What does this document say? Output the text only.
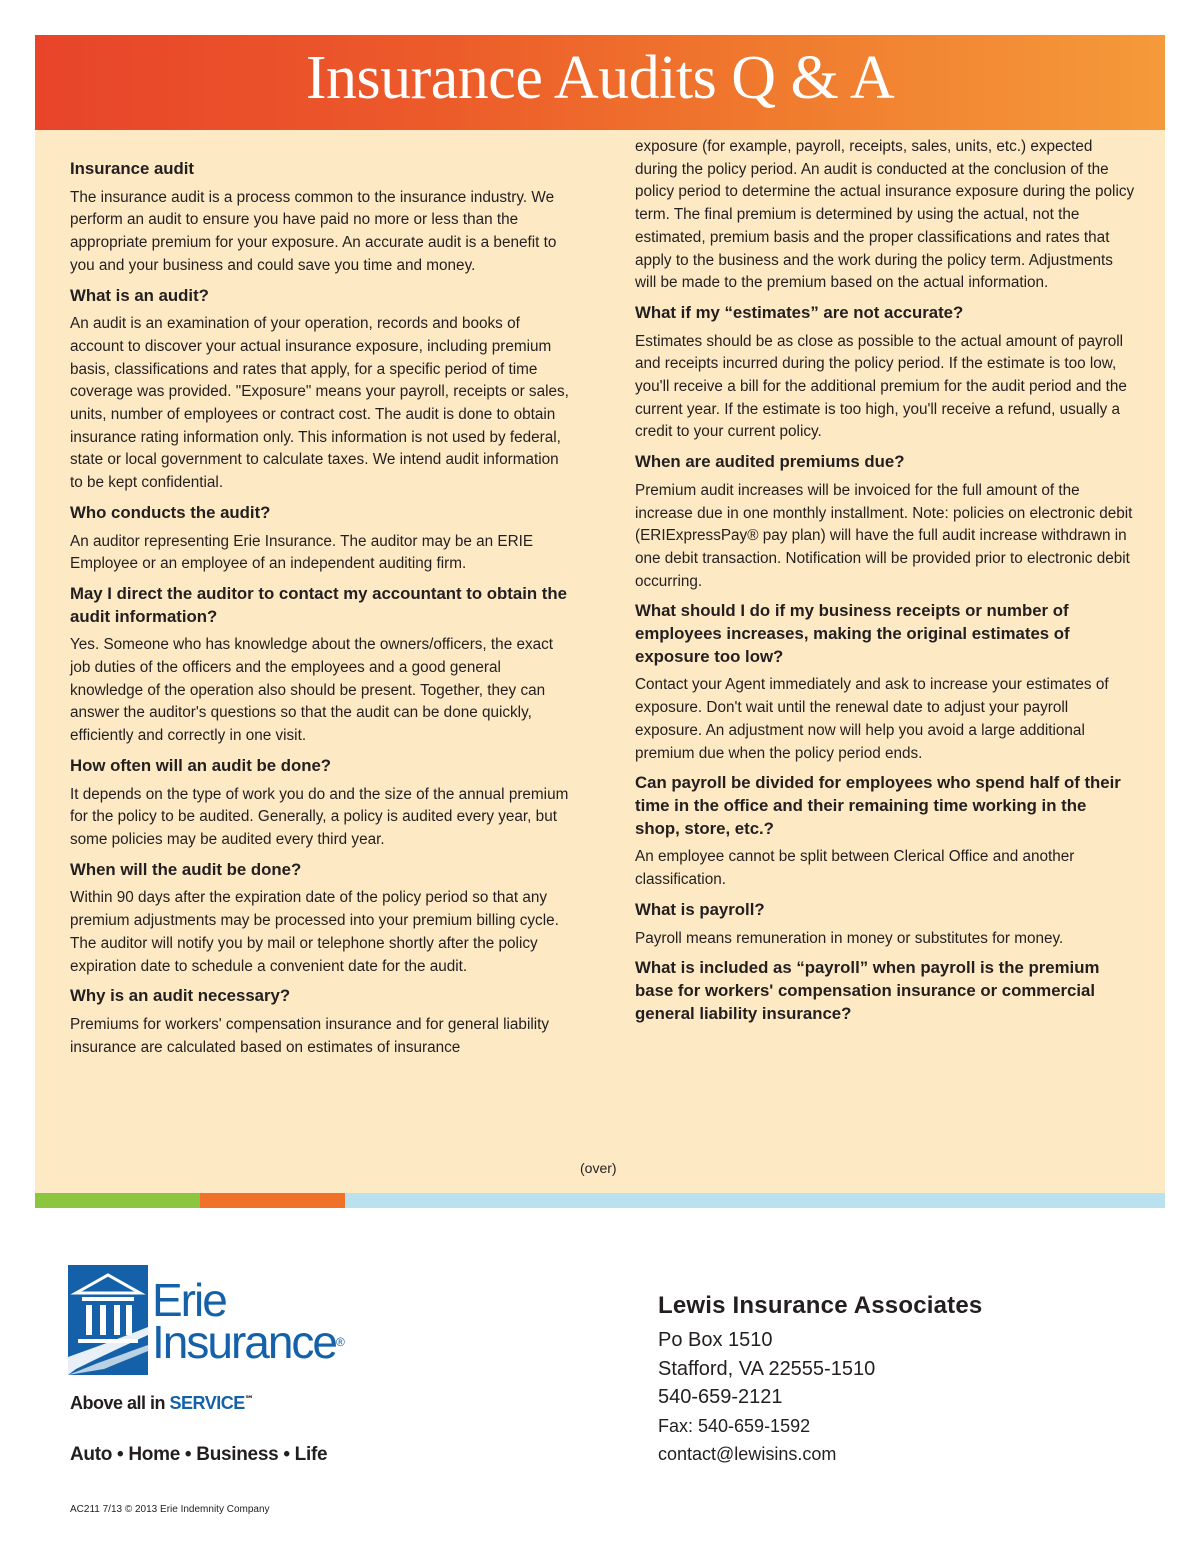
Insurance Audits Q & A
Insurance audit
The insurance audit is a process common to the insurance industry. We perform an audit to ensure you have paid no more or less than the appropriate premium for your exposure. An accurate audit is a benefit to you and your business and could save you time and money.
What is an audit?
An audit is an examination of your operation, records and books of account to discover your actual insurance exposure, including premium basis, classifications and rates that apply, for a specific period of time coverage was provided. "Exposure" means your payroll, receipts or sales, units, number of employees or contract cost. The audit is done to obtain insurance rating information only. This information is not used by federal, state or local government to calculate taxes. We intend audit information to be kept confidential.
Who conducts the audit?
An auditor representing Erie Insurance. The auditor may be an ERIE Employee or an employee of an independent auditing firm.
May I direct the auditor to contact my accountant to obtain the audit information?
Yes. Someone who has knowledge about the owners/officers, the exact job duties of the officers and the employees and a good general knowledge of the operation also should be present. Together, they can answer the auditor's questions so that the audit can be done quickly, efficiently and correctly in one visit.
How often will an audit be done?
It depends on the type of work you do and the size of the annual premium for the policy to be audited. Generally, a policy is audited every year, but some policies may be audited every third year.
When will the audit be done?
Within 90 days after the expiration date of the policy period so that any premium adjustments may be processed into your premium billing cycle. The auditor will notify you by mail or telephone shortly after the policy expiration date to schedule a convenient date for the audit.
Why is an audit necessary?
Premiums for workers' compensation insurance and for general liability insurance are calculated based on estimates of insurance
exposure (for example, payroll, receipts, sales, units, etc.) expected during the policy period. An audit is conducted at the conclusion of the policy period to determine the actual insurance exposure during the policy term. The final premium is determined by using the actual, not the estimated, premium basis and the proper classifications and rates that apply to the business and the work during the policy term. Adjustments will be made to the premium based on the actual information.
What if my “estimates” are not accurate?
Estimates should be as close as possible to the actual amount of payroll and receipts incurred during the policy period. If the estimate is too low, you'll receive a bill for the additional premium for the audit period and the current year. If the estimate is too high, you'll receive a refund, usually a credit to your current policy.
When are audited premiums due?
Premium audit increases will be invoiced for the full amount of the increase due in one monthly installment. Note: policies on electronic debit (ERIExpressPay® pay plan) will have the full audit increase withdrawn in one debit transaction. Notification will be provided prior to electronic debit occurring.
What should I do if my business receipts or number of employees increases, making the original estimates of exposure too low?
Contact your Agent immediately and ask to increase your estimates of exposure. Don't wait until the renewal date to adjust your payroll exposure. An adjustment now will help you avoid a large additional premium due when the policy period ends.
Can payroll be divided for employees who spend half of their time in the office and their remaining time working in the shop, store, etc.?
An employee cannot be split between Clerical Office and another classification.
What is payroll?
Payroll means remuneration in money or substitutes for money.
What is included as “payroll” when payroll is the premium base for workers' compensation insurance or commercial general liability insurance?
(over)
Erie
Insurance®
Above all in SERVICE℠
Auto • Home • Business • Life
AC211 7/13 © 2013 Erie Indemnity Company
Lewis Insurance Associates
Po Box 1510
Stafford, VA 22555-1510
540-659-2121
Fax: 540-659-1592
contact@lewisins.com
